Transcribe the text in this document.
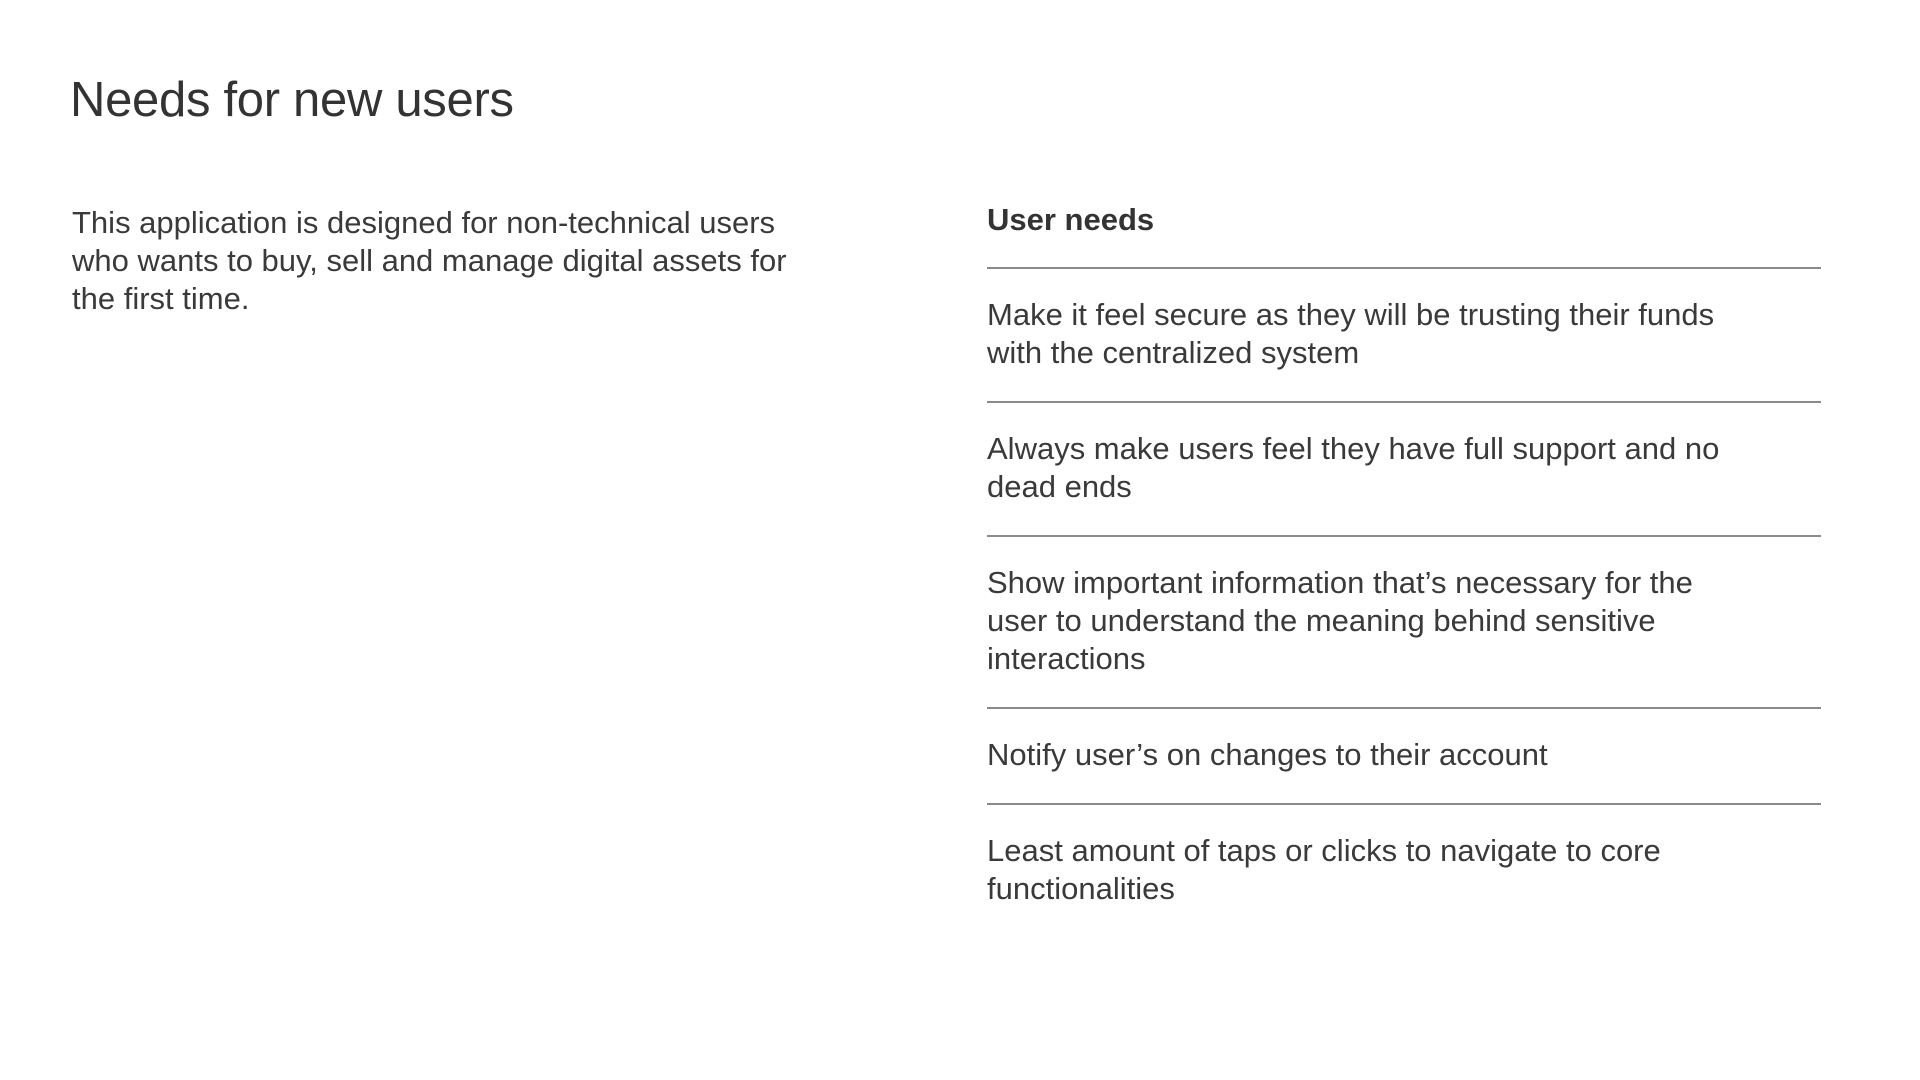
Needs for new users

This application is designed for non-technical users who wants to buy, sell and manage digital assets for the first time.

User needs
Make it feel secure as they will be trusting their funds with the centralized system
Always make users feel they have full support and no dead ends
Show important information that’s necessary for the user to understand the meaning behind sensitive interactions
Notify user’s on changes to their account
Least amount of taps or clicks to navigate to core functionalities
